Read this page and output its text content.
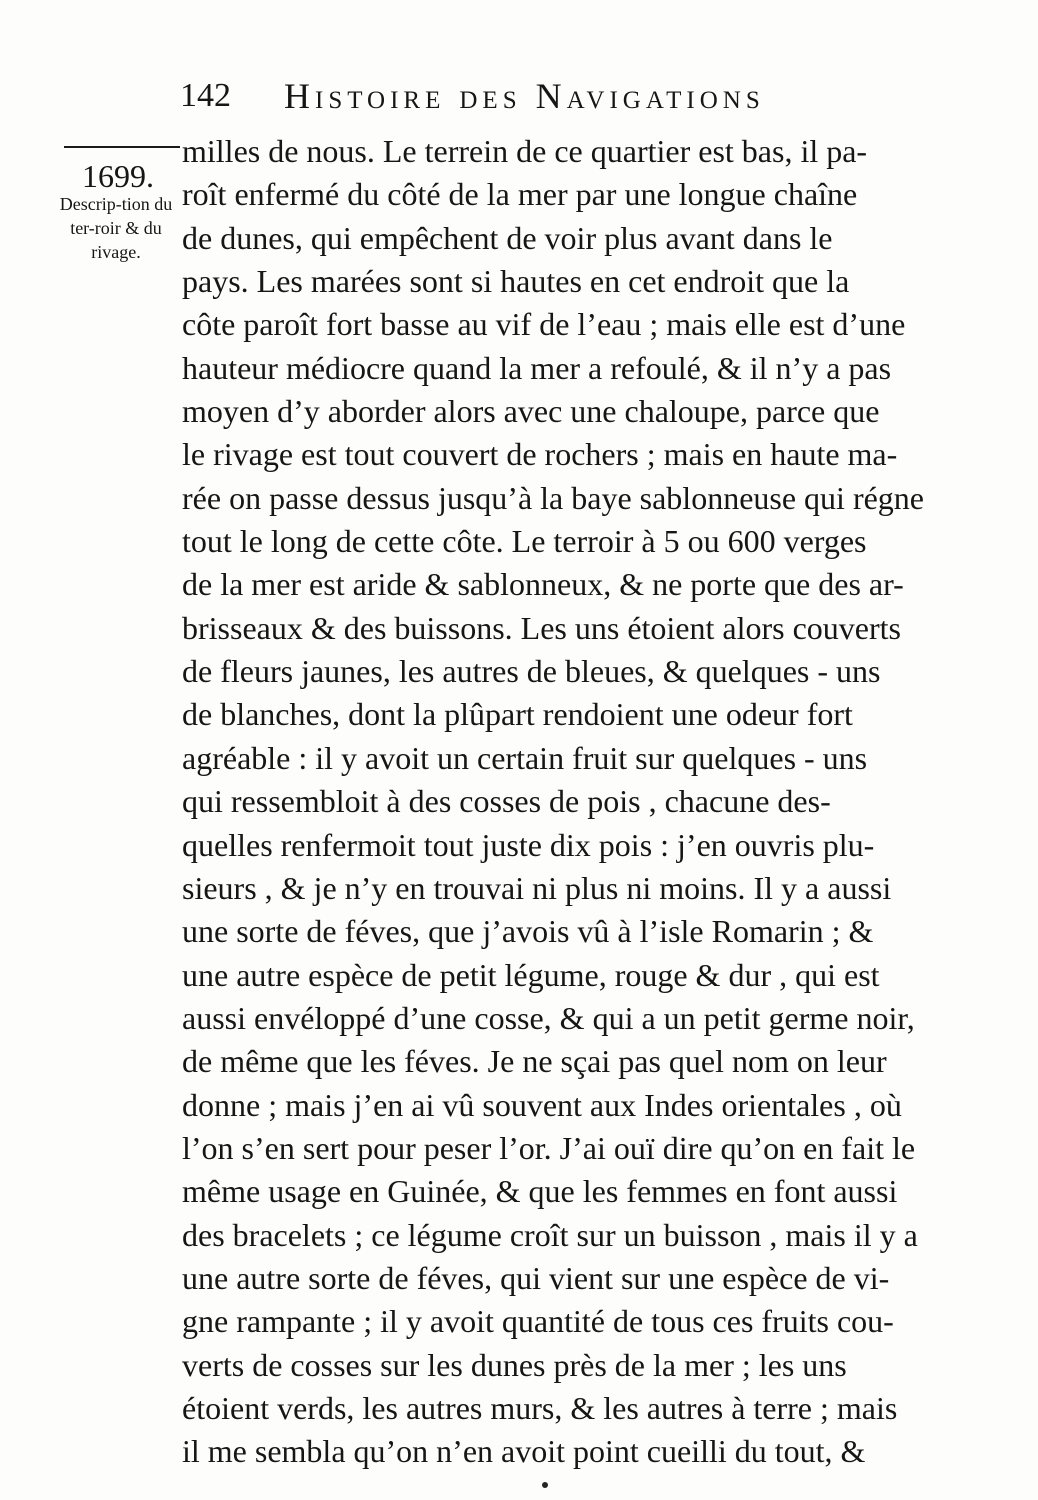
142 Histoire des Navigations
1699.
Descrip-tion du ter-roir & du rivage.
milles de nous. Le terrein de ce quartier est bas, il pa-
roît enfermé du côté de la mer par une longue chaîne
de dunes, qui empêchent de voir plus avant dans le
pays. Les marées sont si hautes en cet endroit que la
côte paroît fort basse au vif de l’eau ; mais elle est d’une
hauteur médiocre quand la mer a refoulé, & il n’y a pas
moyen d’y aborder alors avec une chaloupe, parce que
le rivage est tout couvert de rochers ; mais en haute ma-
rée on passe dessus jusqu’à la baye sablonneuse qui régne
tout le long de cette côte. Le terroir à 5 ou 600 verges
de la mer est aride & sablonneux, & ne porte que des ar-
brisseaux & des buissons. Les uns étoient alors couverts
de fleurs jaunes, les autres de bleues, & quelques - uns
de blanches, dont la plûpart rendoient une odeur fort
agréable : il y avoit un certain fruit sur quelques - uns
qui ressembloit à des cosses de pois , chacune des-
quelles renfermoit tout juste dix pois : j’en ouvris plu-
sieurs , & je n’y en trouvai ni plus ni moins. Il y a aussi
une sorte de féves, que j’avois vû à l’isle Romarin ; &
une autre espèce de petit légume, rouge & dur , qui est
aussi envéloppé d’une cosse, & qui a un petit germe noir,
de même que les féves. Je ne sçai pas quel nom on leur
donne ; mais j’en ai vû souvent aux Indes orientales , où
l’on s’en sert pour peser l’or. J’ai ouï dire qu’on en fait le
même usage en Guinée, & que les femmes en font aussi
des bracelets ; ce légume croît sur un buisson , mais il y a
une autre sorte de féves, qui vient sur une espèce de vi-
gne rampante ; il y avoit quantité de tous ces fruits cou-
verts de cosses sur les dunes près de la mer ; les uns
étoient verds, les autres murs, & les autres à terre ; mais
il me sembla qu’on n’en avoit point cueilli du tout, &
